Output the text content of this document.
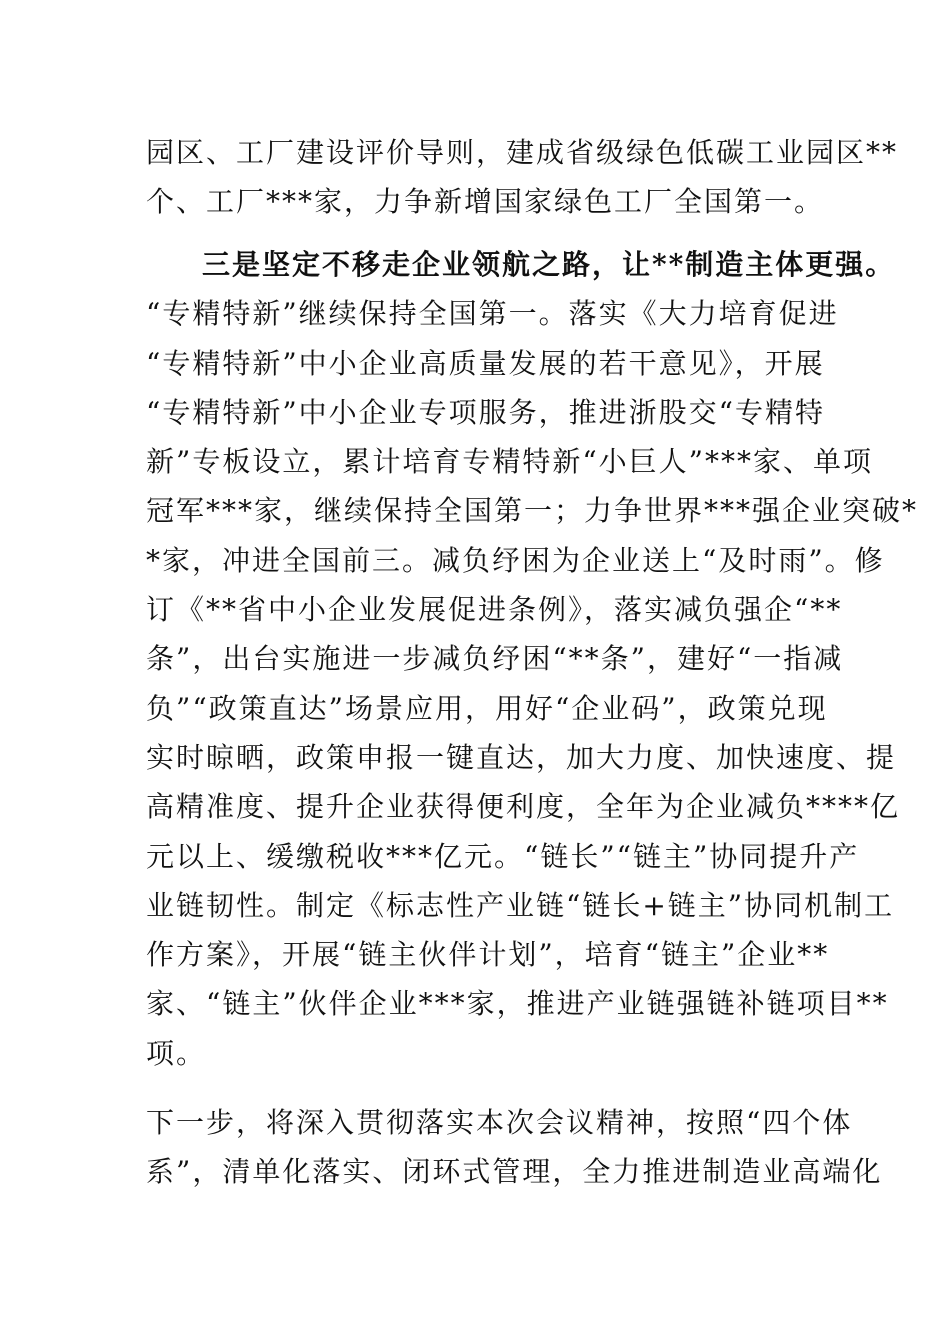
园区、工厂建设评价导则，建成省级绿色低碳工业园区**
个、工厂***家，力争新增国家绿色工厂全国第一。
三是坚定不移走企业领航之路，让**制造主体更强。
“专精特新”继续保持全国第一。落实《大力培育促进
“专精特新”中小企业高质量发展的若干意见》，开展
“专精特新”中小企业专项服务，推进浙股交“专精特
新”专板设立，累计培育专精特新“小巨人”***家、单项
冠军***家，继续保持全国第一；力争世界***强企业突破*
*家，冲进全国前三。减负纾困为企业送上“及时雨”。修
订《**省中小企业发展促进条例》，落实减负强企“**
条”，出台实施进一步减负纾困“**条”，建好“一指减
负”“政策直达”场景应用，用好“企业码”，政策兑现
实时晾晒，政策申报一键直达，加大力度、加快速度、提
高精准度、提升企业获得便利度，全年为企业减负****亿
元以上、缓缴税收***亿元。“链长”“链主”协同提升产
业链韧性。制定《标志性产业链“链长+链主”协同机制工
作方案》，开展“链主伙伴计划”，培育“链主”企业**
家、“链主”伙伴企业***家，推进产业链强链补链项目**
项。
下一步，将深入贯彻落实本次会议精神，按照“四个体
系”，清单化落实、闭环式管理，全力推进制造业高端化
